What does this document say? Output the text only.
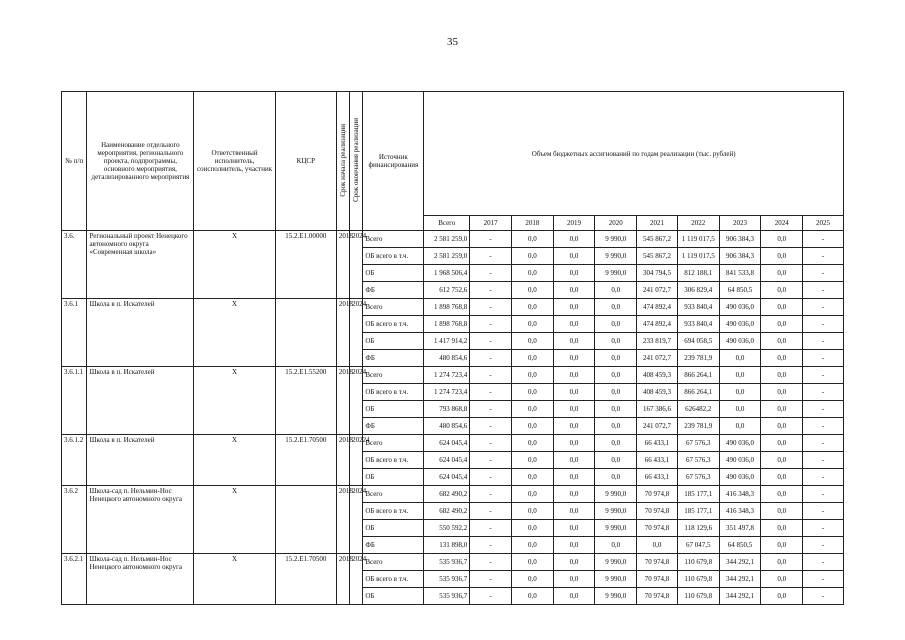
35
№ п/п	Наименование отдельного мероприятия, регионального проекта, подпрограммы, основного мероприятия, детализированного мероприятия	Ответственный исполнитель, соисполнитель, участник	КЦСР	Срок начала реализации	Срок окончания реализации	Источник финансирования	Объем бюджетных ассигнований по годам реализации (тыс. рублей)									
							Всего	2017	2018	2019	2020	2021	2022	2023	2024	2025
3.6.	Региональный проект Ненецкого автономного округа «Современная школа»	X	15.2.E1.00000	2018	2024	Всего	2 581 259,0	-	0,0	0,0	9 990,0	545 867,2	1 119 017,5	906 384,3	0,0	-
						ОБ всего в т.ч.	2 581 259,0	-	0,0	0,0	9 990,0	545 867,2	1 119 017,5	906 384,3	0,0	-
						ОБ	1 968 506,4	-	0,0	0,0	9 990,0	304 794,5	812 188,1	841 533,8	0,0	-
						ФБ	612 752,6	-	0,0	0,0	0,0	241 072,7	306 829,4	64 850,5	0,0	-
3.6.1	Школа в п. Искателей	X		2018	2024	Всего	1 898 768,8	-	0,0	0,0	0,0	474 892,4	933 840,4	490 036,0	0,0	-
						ОБ всего в т.ч.	1 898 768,8	-	0,0	0,0	0,0	474 892,4	933 840,4	490 036,0	0,0	-
						ОБ	1 417 914,2	-	0,0	0,0	0,0	233 819,7	694 058,5	490 036,0	0,0	-
						ФБ	480 854,6	-	0,0	0,0	0,0	241 072,7	239 781,9	0,0	0,0	-
3.6.1.1	Школа в п. Искателей	X	15.2.E1.55200	2018	2024	Всего	1 274 723,4	-	0,0	0,0	0,0	408 459,3	866 264,1	0,0	0,0	-
						ОБ всего в т.ч.	1 274 723,4	-	0,0	0,0	0,0	408 459,3	866 264,1	0,0	0,0	-
						ОБ	793 868,8	-	0,0	0,0	0,0	167 386,6	626482,2	0,0	0,0	-
						ФБ	480 854,6	-	0,0	0,0	0,0	241 072,7	239 781,9	0,0	0,0	-
3.6.1.2	Школа в п. Искателей	X	15.2.E1.70500	2018	20224	Всего	624 045,4	-	0,0	0,0	0,0	66 433,1	67 576,3	490 036,0	0,0	-
						ОБ всего в т.ч.	624 045,4	-	0,0	0,0	0,0	66 433,1	67 576,3	490 036,0	0,0	-
						ОБ	624 045,4	-	0,0	0,0	0,0	66 433,1	67 576,3	490 036,0	0,0	-
3.6.2	Школа-сад п. Нельмин-Нос Ненецкого автономного округа	X		2018	2024	Всего	682 490,2	-	0,0	0,0	9 990,0	70 974,8	185 177,1	416 348,3	0,0	-
						ОБ всего в т.ч.	682 490,2	-	0,0	0,0	9 990,0	70 974,8	185 177,1	416 348,3	0,0	-
						ОБ	550 592,2	-	0,0	0,0	9 990,0	70 974,8	118 129,6	351 497,8	0,0	-
						ФБ	131 898,0	-	0,0	0,0	0,0	0,0	67 047,5	64 850,5	0,0	-
3.6.2.1	Школа-сад п. Нельмин-Нос Ненецкого автономного округа	X	15.2.E1.70500	2018	2024	Всего	535 936,7	-	0,0	0,0	9 990,0	70 974,8	110 679,8	344 292,1	0,0	-
						ОБ всего в т.ч.	535 936,7	-	0,0	0,0	9 990,0	70 974,8	110 679,8	344 292,1	0,0	-
						ОБ	535 936,7	-	0,0	0,0	9 990,0	70 974,8	110 679,8	344 292,1	0,0	-
